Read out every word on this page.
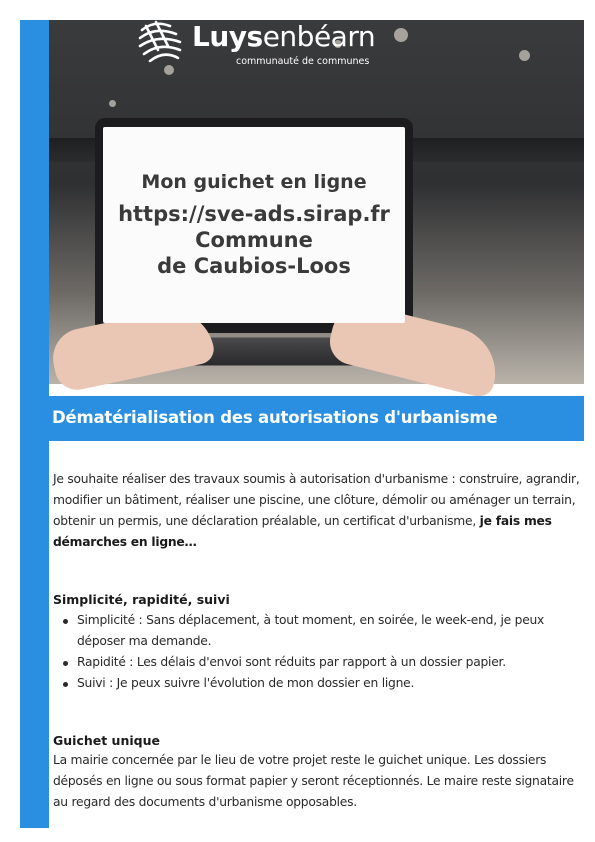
Luysenbéarn
communauté de communes
Mon guichet en ligne
https://sve-ads.sirap.fr
Commune
de Caubios-Loos
Dématérialisation des autorisations d'urbanisme
Je souhaite réaliser des travaux soumis à autorisation d'urbanisme : construire, agrandir, modifier un bâtiment, réaliser une piscine, une clôture, démolir ou aménager un terrain, obtenir un permis, une déclaration préalable, un certificat d'urbanisme, je fais mes démarches en ligne…
Simplicité, rapidité, suivi
Simplicité : Sans déplacement, à tout moment, en soirée, le week-end, je peux déposer ma demande.
Rapidité : Les délais d'envoi sont réduits par rapport à un dossier papier.
Suivi : Je peux suivre l'évolution de mon dossier en ligne.
Guichet unique
La mairie concernée par le lieu de votre projet reste le guichet unique. Les dossiers déposés en ligne ou sous format papier y seront réceptionnés. Le maire reste signataire au regard des documents d'urbanisme opposables.
